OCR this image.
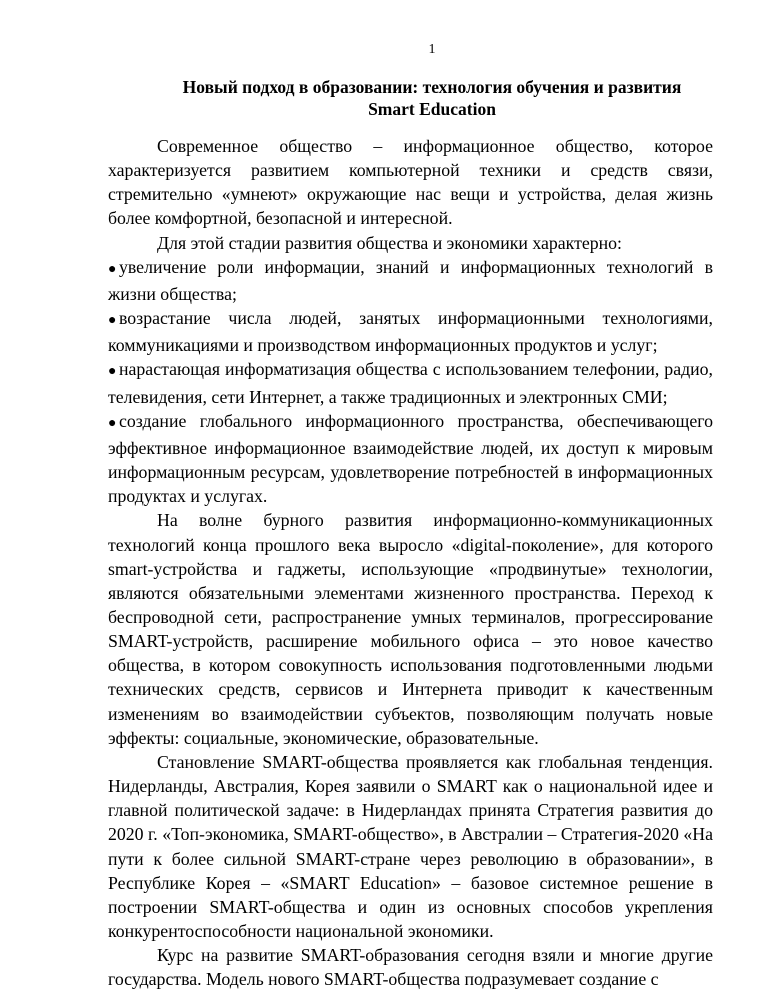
1
Новый подход в образовании: технология обучения и развития
Smart Education

Современное общество – информационное общество, которое характеризуется развитием компьютерной техники и средств связи, стремительно «умнеют» окружающие нас вещи и устройства, делая жизнь более комфортной, безопасной и интересной.

Для этой стадии развития общества и экономики характерно:

● увеличение роли информации, знаний и информационных технологий в жизни общества;
● возрастание числа людей, занятых информационными технологиями, коммуникациями и производством информационных продуктов и услуг;
● нарастающая информатизация общества с использованием телефонии, радио, телевидения, сети Интернет, а также традиционных и электронных СМИ;
● создание глобального информационного пространства, обеспечивающего эффективное информационное взаимодействие людей, их доступ к мировым информационным ресурсам, удовлетворение потребностей в информационных продуктах и услугах.

На волне бурного развития информационно-коммуникационных технологий конца прошлого века выросло «digital-поколение», для которого smart-устройства и гаджеты, использующие «продвинутые» технологии, являются обязательными элементами жизненного пространства. Переход к беспроводной сети, распространение умных терминалов, прогрессирование SMART-устройств, расширение мобильного офиса – это новое качество общества, в котором совокупность использования подготовленными людьми технических средств, сервисов и Интернета приводит к качественным изменениям во взаимодействии субъектов, позволяющим получать новые эффекты: социальные, экономические, образовательные.

Становление SMART-общества проявляется как глобальная тенденция. Нидерланды, Австралия, Корея заявили о SMART как о национальной идее и главной политической задаче: в Нидерландах принята Стратегия развития до 2020 г. «Топ-экономика, SMART-общество», в Австралии – Стратегия-2020 «На пути к более сильной SMART-стране через революцию в образовании», в Республике Корея – «SMART Education» – базовое системное решение в построении SMART-общества и один из основных способов укрепления конкурентоспособности национальной экономики.

Курс на развитие SMART-образования сегодня взяли и многие другие государства. Модель нового SMART-общества подразумевает создание с
